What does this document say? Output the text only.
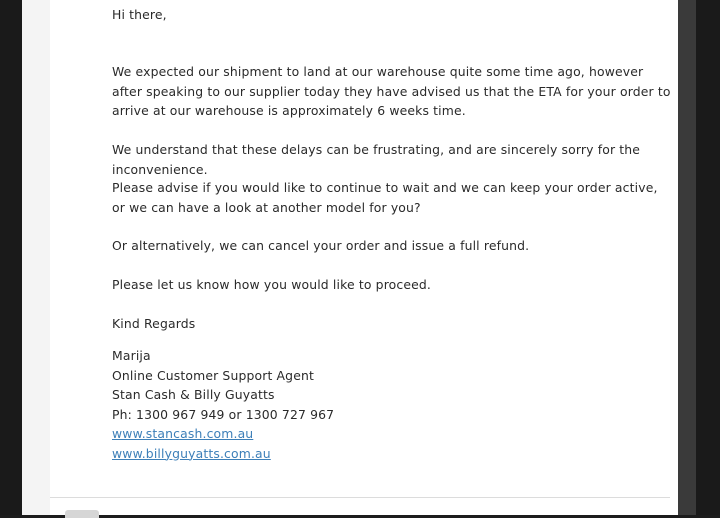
Hi there,
We expected our shipment to land at our warehouse quite some time ago, however after speaking to our supplier today they have advised us that the ETA for your order to arrive at our warehouse is approximately 6 weeks time.
We understand that these delays can be frustrating, and are sincerely sorry for the inconvenience.
Please advise if you would like to continue to wait and we can keep your order active, or we can have a look at another model for you?
Or alternatively, we can cancel your order and issue a full refund.
Please let us know how you would like to proceed.
Kind Regards

Marija

Online Customer Support Agent

Stan Cash & Billy Guyatts

Ph: 1300 967 949 or 1300 727 967

www.stancash.com.au

www.billyguyatts.com.au
